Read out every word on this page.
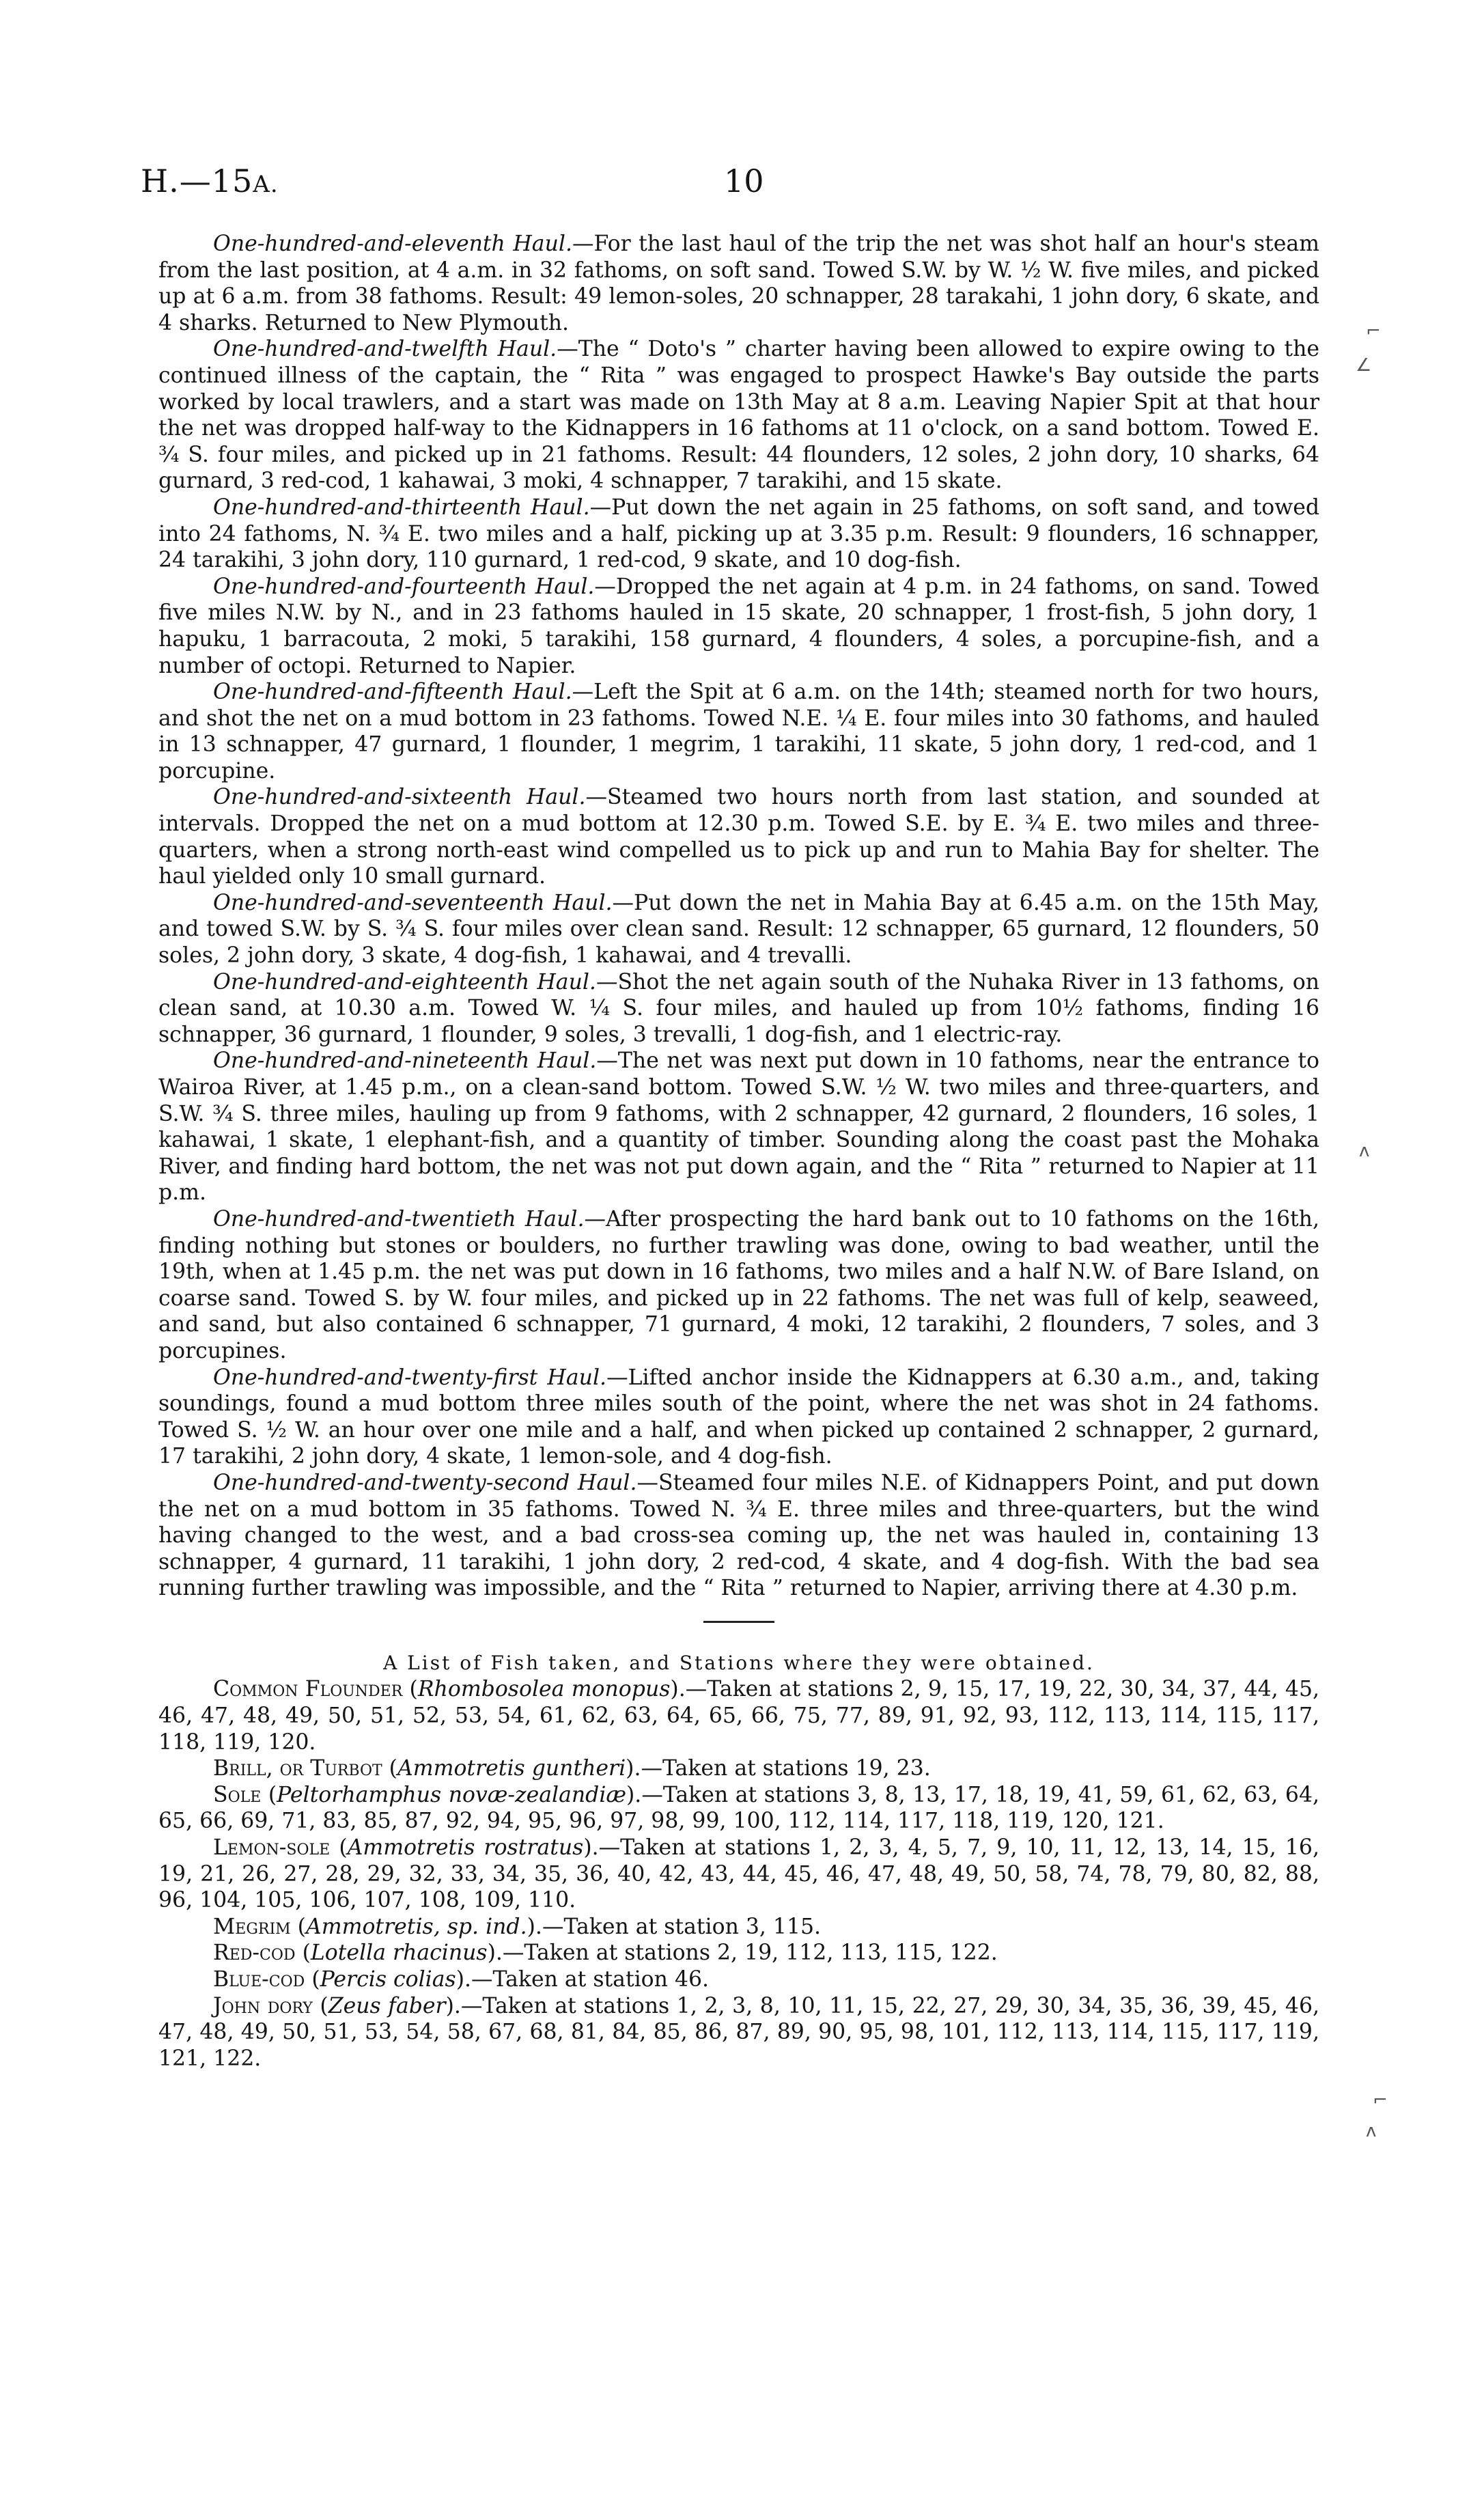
H.—15A.	10

One-hundred-and-eleventh Haul.—For the last haul of the trip the net was shot half an hour's steam from the last position, at 4 a.m. in 32 fathoms, on soft sand. Towed S.W. by W. ½ W. five miles, and picked up at 6 a.m. from 38 fathoms. Result: 49 lemon-soles, 20 schnapper, 28 tarakahi, 1 john dory, 6 skate, and 4 sharks. Returned to New Plymouth.

One-hundred-and-twelfth Haul.—The “ Doto's ” charter having been allowed to expire owing to the continued illness of the captain, the “ Rita ” was engaged to prospect Hawke's Bay outside the parts worked by local trawlers, and a start was made on 13th May at 8 a.m. Leaving Napier Spit at that hour the net was dropped half-way to the Kidnappers in 16 fathoms at 11 o'clock, on a sand bottom. Towed E. ¾ S. four miles, and picked up in 21 fathoms. Result: 44 flounders, 12 soles, 2 john dory, 10 sharks, 64 gurnard, 3 red-cod, 1 kahawai, 3 moki, 4 schnapper, 7 tarakihi, and 15 skate.

One-hundred-and-thirteenth Haul.—Put down the net again in 25 fathoms, on soft sand, and towed into 24 fathoms, N. ¾ E. two miles and a half, picking up at 3.35 p.m. Result: 9 flounders, 16 schnapper, 24 tarakihi, 3 john dory, 110 gurnard, 1 red-cod, 9 skate, and 10 dog-fish.

One-hundred-and-fourteenth Haul.—Dropped the net again at 4 p.m. in 24 fathoms, on sand. Towed five miles N.W. by N., and in 23 fathoms hauled in 15 skate, 20 schnapper, 1 frost-fish, 5 john dory, 1 hapuku, 1 barracouta, 2 moki, 5 tarakihi, 158 gurnard, 4 flounders, 4 soles, a porcupine-fish, and a number of octopi. Returned to Napier.

One-hundred-and-fifteenth Haul.—Left the Spit at 6 a.m. on the 14th; steamed north for two hours, and shot the net on a mud bottom in 23 fathoms. Towed N.E. ¼ E. four miles into 30 fathoms, and hauled in 13 schnapper, 47 gurnard, 1 flounder, 1 megrim, 1 tarakihi, 11 skate, 5 john dory, 1 red-cod, and 1 porcupine.

One-hundred-and-sixteenth Haul.—Steamed two hours north from last station, and sounded at intervals. Dropped the net on a mud bottom at 12.30 p.m. Towed S.E. by E. ¾ E. two miles and three-quarters, when a strong north-east wind compelled us to pick up and run to Mahia Bay for shelter. The haul yielded only 10 small gurnard.

One-hundred-and-seventeenth Haul.—Put down the net in Mahia Bay at 6.45 a.m. on the 15th May, and towed S.W. by S. ¾ S. four miles over clean sand. Result: 12 schnapper, 65 gurnard, 12 flounders, 50 soles, 2 john dory, 3 skate, 4 dog-fish, 1 kahawai, and 4 trevalli.

One-hundred-and-eighteenth Haul.—Shot the net again south of the Nuhaka River in 13 fathoms, on clean sand, at 10.30 a.m. Towed W. ¼ S. four miles, and hauled up from 10½ fathoms, finding 16 schnapper, 36 gurnard, 1 flounder, 9 soles, 3 trevalli, 1 dog-fish, and 1 electric-ray.

One-hundred-and-nineteenth Haul.—The net was next put down in 10 fathoms, near the entrance to Wairoa River, at 1.45 p.m., on a clean-sand bottom. Towed S.W. ½ W. two miles and three-quarters, and S.W. ¾ S. three miles, hauling up from 9 fathoms, with 2 schnapper, 42 gurnard, 2 flounders, 16 soles, 1 kahawai, 1 skate, 1 elephant-fish, and a quantity of timber. Sounding along the coast past the Mohaka River, and finding hard bottom, the net was not put down again, and the “ Rita ” returned to Napier at 11 p.m.

One-hundred-and-twentieth Haul.—After prospecting the hard bank out to 10 fathoms on the 16th, finding nothing but stones or boulders, no further trawling was done, owing to bad weather, until the 19th, when at 1.45 p.m. the net was put down in 16 fathoms, two miles and a half N.W. of Bare Island, on coarse sand. Towed S. by W. four miles, and picked up in 22 fathoms. The net was full of kelp, seaweed, and sand, but also contained 6 schnapper, 71 gurnard, 4 moki, 12 tarakihi, 2 flounders, 7 soles, and 3 porcupines.

One-hundred-and-twenty-first Haul.—Lifted anchor inside the Kidnappers at 6.30 a.m., and, taking soundings, found a mud bottom three miles south of the point, where the net was shot in 24 fathoms. Towed S. ½ W. an hour over one mile and a half, and when picked up contained 2 schnapper, 2 gurnard, 17 tarakihi, 2 john dory, 4 skate, 1 lemon-sole, and 4 dog-fish.

One-hundred-and-twenty-second Haul.—Steamed four miles N.E. of Kidnappers Point, and put down the net on a mud bottom in 35 fathoms. Towed N. ¾ E. three miles and three-quarters, but the wind having changed to the west, and a bad cross-sea coming up, the net was hauled in, containing 13 schnapper, 4 gurnard, 11 tarakihi, 1 john dory, 2 red-cod, 4 skate, and 4 dog-fish. With the bad sea running further trawling was impossible, and the “ Rita ” returned to Napier, arriving there at 4.30 p.m.

A List of Fish taken, and Stations where they were obtained.

Common Flounder (Rhombosolea monopus).—Taken at stations 2, 9, 15, 17, 19, 22, 30, 34, 37, 44, 45, 46, 47, 48, 49, 50, 51, 52, 53, 54, 61, 62, 63, 64, 65, 66, 75, 77, 89, 91, 92, 93, 112, 113, 114, 115, 117, 118, 119, 120.

Brill, or Turbot (Ammotretis guntheri).—Taken at stations 19, 23.

Sole (Peltorhamphus novæ-zealandiæ).—Taken at stations 3, 8, 13, 17, 18, 19, 41, 59, 61, 62, 63, 64, 65, 66, 69, 71, 83, 85, 87, 92, 94, 95, 96, 97, 98, 99, 100, 112, 114, 117, 118, 119, 120, 121.

Lemon-sole (Ammotretis rostratus).—Taken at stations 1, 2, 3, 4, 5, 7, 9, 10, 11, 12, 13, 14, 15, 16, 19, 21, 26, 27, 28, 29, 32, 33, 34, 35, 36, 40, 42, 43, 44, 45, 46, 47, 48, 49, 50, 58, 74, 78, 79, 80, 82, 88, 96, 104, 105, 106, 107, 108, 109, 110.

Megrim (Ammotretis, sp. ind.).—Taken at station 3, 115.

Red-cod (Lotella rhacinus).—Taken at stations 2, 19, 112, 113, 115, 122.

Blue-cod (Percis colias).—Taken at station 46.

John dory (Zeus faber).—Taken at stations 1, 2, 3, 8, 10, 11, 15, 22, 27, 29, 30, 34, 35, 36, 39, 45, 46, 47, 48, 49, 50, 51, 53, 54, 58, 67, 68, 81, 84, 85, 86, 87, 89, 90, 95, 98, 101, 112, 113, 114, 115, 117, 119, 121, 122.

⌐
∠
ʌ
⌐
ʌ
